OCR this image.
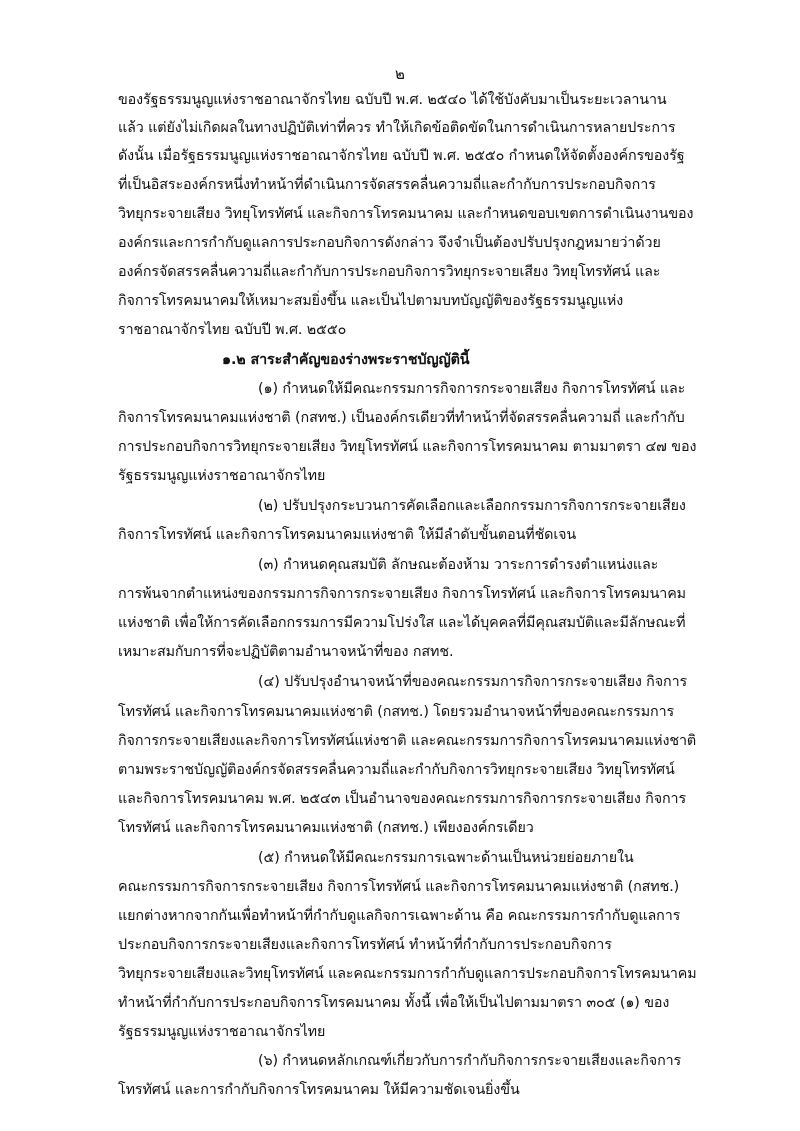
๒
ของรัฐธรรมนูญแห่งราชอาณาจักรไทย ฉบับปี พ.ศ. ๒๕๔๐ ได้ใช้บังคับมาเป็นระยะเวลานาน
แล้ว แต่ยังไม่เกิดผลในทางปฏิบัติเท่าที่ควร ทำให้เกิดข้อติดขัดในการดำเนินการหลายประการ
ดังนั้น เมื่อรัฐธรรมนูญแห่งราชอาณาจักรไทย ฉบับปี พ.ศ. ๒๕๕๐ กำหนดให้จัดตั้งองค์กรของรัฐ
ที่เป็นอิสระองค์กรหนึ่งทำหน้าที่ดำเนินการจัดสรรคลื่นความถี่และกำกับการประกอบกิจการ
วิทยุกระจายเสียง วิทยุโทรทัศน์ และกิจการโทรคมนาคม และกำหนดขอบเขตการดำเนินงานของ
องค์กรและการกำกับดูแลการประกอบกิจการดังกล่าว จึงจำเป็นต้องปรับปรุงกฎหมายว่าด้วย
องค์กรจัดสรรคลื่นความถี่และกำกับการประกอบกิจการวิทยุกระจายเสียง วิทยุโทรทัศน์ และ
กิจการโทรคมนาคมให้เหมาะสมยิ่งขึ้น และเป็นไปตามบทบัญญัติของรัฐธรรมนูญแห่ง
ราชอาณาจักรไทย ฉบับปี พ.ศ. ๒๕๕๐
๑.๒ สาระสำคัญของร่างพระราชบัญญัตินี้
(๑) กำหนดให้มีคณะกรรมการกิจการกระจายเสียง กิจการโทรทัศน์ และ
กิจการโทรคมนาคมแห่งชาติ (กสทช.) เป็นองค์กรเดียวที่ทำหน้าที่จัดสรรคลื่นความถี่ และกำกับ
การประกอบกิจการวิทยุกระจายเสียง วิทยุโทรทัศน์ และกิจการโทรคมนาคม ตามมาตรา ๔๗ ของ
รัฐธรรมนูญแห่งราชอาณาจักรไทย
(๒) ปรับปรุงกระบวนการคัดเลือกและเลือกกรรมการกิจการกระจายเสียง
กิจการโทรทัศน์ และกิจการโทรคมนาคมแห่งชาติ ให้มีลำดับขั้นตอนที่ชัดเจน
(๓) กำหนดคุณสมบัติ ลักษณะต้องห้าม วาระการดำรงตำแหน่งและ
การพ้นจากตำแหน่งของกรรมการกิจการกระจายเสียง กิจการโทรทัศน์ และกิจการโทรคมนาคม
แห่งชาติ เพื่อให้การคัดเลือกกรรมการมีความโปร่งใส และได้บุคคลที่มีคุณสมบัติและมีลักษณะที่
เหมาะสมกับการที่จะปฏิบัติตามอำนาจหน้าที่ของ กสทช.
(๔) ปรับปรุงอำนาจหน้าที่ของคณะกรรมการกิจการกระจายเสียง กิจการ
โทรทัศน์ และกิจการโทรคมนาคมแห่งชาติ (กสทช.) โดยรวมอำนาจหน้าที่ของคณะกรรมการ
กิจการกระจายเสียงและกิจการโทรทัศน์แห่งชาติ และคณะกรรมการกิจการโทรคมนาคมแห่งชาติ
ตามพระราชบัญญัติองค์กรจัดสรรคลื่นความถี่และกำกับกิจการวิทยุกระจายเสียง วิทยุโทรทัศน์
และกิจการโทรคมนาคม พ.ศ. ๒๕๔๓ เป็นอำนาจของคณะกรรมการกิจการกระจายเสียง กิจการ
โทรทัศน์ และกิจการโทรคมนาคมแห่งชาติ (กสทช.) เพียงองค์กรเดียว
(๕) กำหนดให้มีคณะกรรมการเฉพาะด้านเป็นหน่วยย่อยภายใน
คณะกรรมการกิจการกระจายเสียง กิจการโทรทัศน์ และกิจการโทรคมนาคมแห่งชาติ (กสทช.)
แยกต่างหากจากกันเพื่อทำหน้าที่กำกับดูแลกิจการเฉพาะด้าน คือ คณะกรรมการกำกับดูแลการ
ประกอบกิจการกระจายเสียงและกิจการโทรทัศน์ ทำหน้าที่กำกับการประกอบกิจการ
วิทยุกระจายเสียงและวิทยุโทรทัศน์ และคณะกรรมการกำกับดูแลการประกอบกิจการโทรคมนาคม
ทำหน้าที่กำกับการประกอบกิจการโทรคมนาคม ทั้งนี้ เพื่อให้เป็นไปตามมาตรา ๓๐๕ (๑) ของ
รัฐธรรมนูญแห่งราชอาณาจักรไทย
(๖) กำหนดหลักเกณฑ์เกี่ยวกับการกำกับกิจการกระจายเสียงและกิจการ
โทรทัศน์ และการกำกับกิจการโทรคมนาคม ให้มีความชัดเจนยิ่งขึ้น
